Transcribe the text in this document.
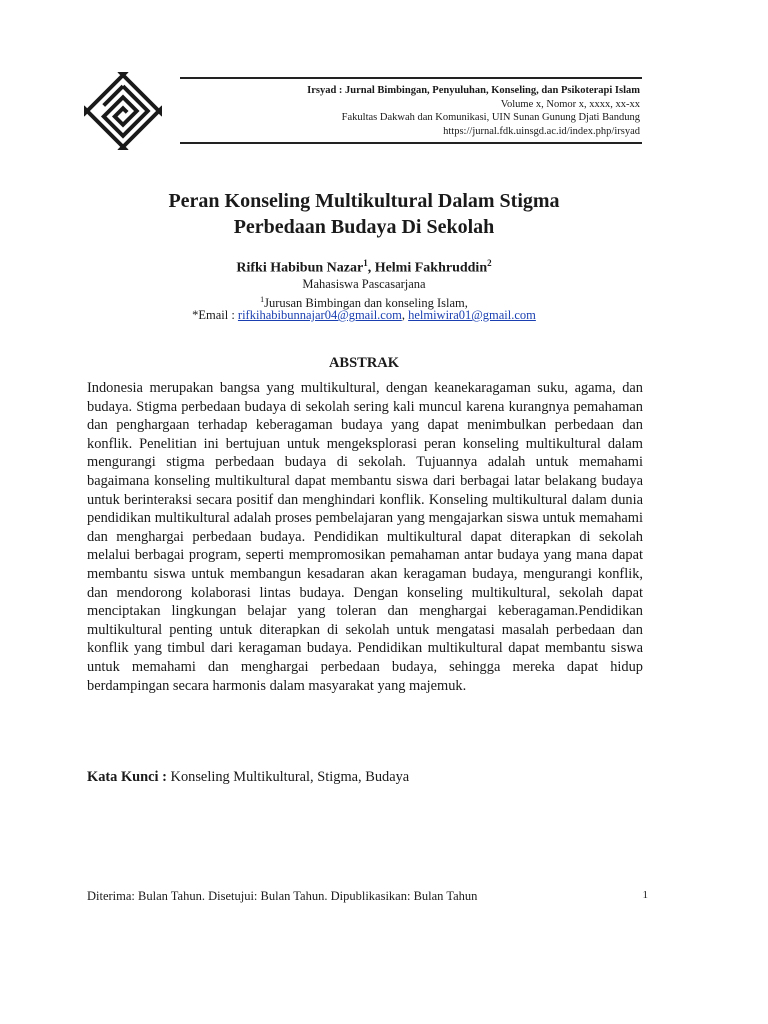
Irsyad : Jurnal Bimbingan, Penyuluhan, Konseling, dan Psikoterapi Islam
Volume x, Nomor x, xxxx, xx-xx
Fakultas Dakwah dan Komunikasi, UIN Sunan Gunung Djati Bandung
https://jurnal.fdk.uinsgd.ac.id/index.php/irsyad
Peran Konseling Multikultural Dalam Stigma
Perbedaan Budaya Di Sekolah
Rifki Habibun Nazar$^1$, Helmi Fakhruddin$^2$
Mahasiswa Pascasarjana
$^1$Jurusan Bimbingan dan konseling Islam,
*Email : rifkihabibunnajar04@gmail.com, helmiwira01@gmail.com
ABSTRAK

Indonesia merupakan bangsa yang multikultural, dengan keanekaragaman suku, agama, dan budaya. Stigma perbedaan budaya di sekolah sering kali muncul karena kurangnya pemahaman dan penghargaan terhadap keberagaman budaya yang dapat menimbulkan perbedaan dan konflik. Penelitian ini bertujuan untuk mengeksplorasi peran konseling multikultural dalam mengurangi stigma perbedaan budaya di sekolah. Tujuannya adalah untuk memahami bagaimana konseling multikultural dapat membantu siswa dari berbagai latar belakang budaya untuk berinteraksi secara positif dan menghindari konflik. Konseling multikultural dalam dunia pendidikan multikultural adalah proses pembelajaran yang mengajarkan siswa untuk memahami dan menghargai perbedaan budaya. Pendidikan multikultural dapat diterapkan di sekolah melalui berbagai program, seperti mempromosikan pemahaman antar budaya yang mana dapat membantu siswa untuk membangun kesadaran akan keragaman budaya, mengurangi konflik, dan mendorong kolaborasi lintas budaya. Dengan konseling multikultural, sekolah dapat menciptakan lingkungan belajar yang toleran dan menghargai keberagaman.Pendidikan multikultural penting untuk diterapkan di sekolah untuk mengatasi masalah perbedaan dan konflik yang timbul dari keragaman budaya. Pendidikan multikultural dapat membantu siswa untuk memahami dan menghargai perbedaan budaya, sehingga mereka dapat hidup berdampingan secara harmonis dalam masyarakat yang majemuk.

Kata Kunci : Konseling Multikultural, Stigma, Budaya
Diterima: Bulan Tahun. Disetujui: Bulan Tahun. Dipublikasikan: Bulan Tahun	1
